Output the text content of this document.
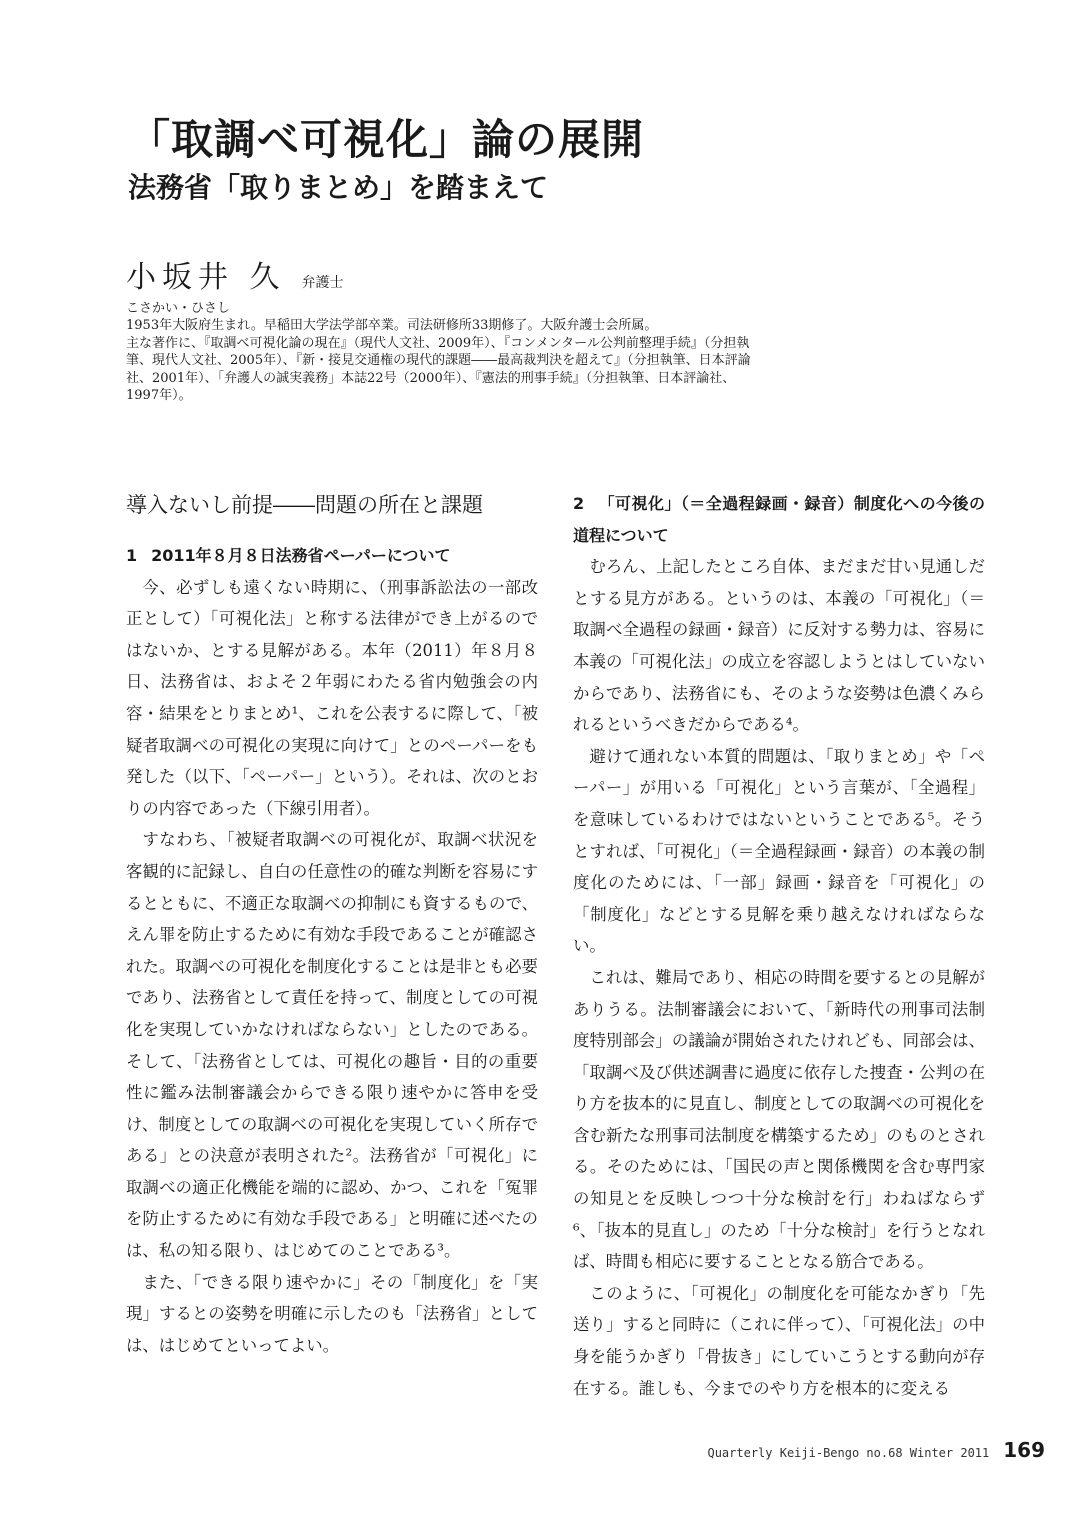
「取調べ可視化」論の展開
法務省「取りまとめ」を踏まえて
小坂井 久 弁護士

こさかい・ひさし

1953年大阪府生まれ。早稲田大学法学部卒業。司法研修所33期修了。大阪弁護士会所属。

主な著作に、『取調べ可視化論の現在』（現代人文社、2009年）、『コンメンタール公判前整理手続』（分担執筆、現代人文社、2005年）、『新・接見交通権の現代的課題――最高裁判決を超えて』（分担執筆、日本評論社、2001年）、「弁護人の誠実義務」本誌22号（2000年）、『憲法的刑事手続』（分担執筆、日本評論社、1997年）。

導入ないし前提――問題の所在と課題
1 2011年８月８日法務省ペーパーについて

今、必ずしも遠くない時期に、（刑事訴訟法の一部改正として）「可視化法」と称する法律ができ上がるのではないか、とする見解がある。本年（2011）年８月８日、法務省は、およそ２年弱にわたる省内勉強会の内容・結果をとりまとめ¹、これを公表するに際して、「被疑者取調べの可視化の実現に向けて」とのペーパーをも発した（以下、「ペーパー」という）。それは、次のとおりの内容であった（下線引用者）。

すなわち、「被疑者取調べの可視化が、取調べ状況を客観的に記録し、自白の任意性の的確な判断を容易にするとともに、不適正な取調べの抑制にも資するもので、えん罪を防止するために有効な手段であることが確認された。取調べの可視化を制度化することは是非とも必要であり、法務省として責任を持って、制度としての可視化を実現していかなければならない」としたのである。そして、「法務省としては、可視化の趣旨・目的の重要性に鑑み法制審議会からできる限り速やかに答申を受け、制度としての取調べの可視化を実現していく所存である」との決意が表明された²。法務省が「可視化」に取調べの適正化機能を端的に認め、かつ、これを「冤罪を防止するために有効な手段である」と明確に述べたのは、私の知る限り、はじめてのことである³。

また、「できる限り速やかに」その「制度化」を「実現」するとの姿勢を明確に示したのも「法務省」としては、はじめてといってよい。

2 「可視化」（＝全過程録画・録音）制度化への今後の道程について

むろん、上記したところ自体、まだまだ甘い見通しだとする見方がある。というのは、本義の「可視化」（＝取調べ全過程の録画・録音）に反対する勢力は、容易に本義の「可視化法」の成立を容認しようとはしていないからであり、法務省にも、そのような姿勢は色濃くみられるというべきだからである⁴。

避けて通れない本質的問題は、「取りまとめ」や「ペーパー」が用いる「可視化」という言葉が、「全過程」を意味しているわけではないということである⁵。そうとすれば、「可視化」（＝全過程録画・録音）の本義の制度化のためには、「一部」録画・録音を「可視化」の「制度化」などとする見解を乗り越えなければならない。

これは、難局であり、相応の時間を要するとの見解がありうる。法制審議会において、「新時代の刑事司法制度特別部会」の議論が開始されたけれども、同部会は、「取調べ及び供述調書に過度に依存した捜査・公判の在り方を抜本的に見直し、制度としての取調べの可視化を含む新たな刑事司法制度を構築するため」のものとされる。そのためには、「国民の声と関係機関を含む専門家の知見とを反映しつつ十分な検討を行」わねばならず⁶、「抜本的見直し」のため「十分な検討」を行うとなれば、時間も相応に要することとなる筋合である。

このように、「可視化」の制度化を可能なかぎり「先送り」すると同時に（これに伴って）、「可視化法」の中身を能うかぎり「骨抜き」にしていこうとする動向が存在する。誰しも、今までのやり方を根本的に変える

Quarterly Keiji-Bengo no.68 Winter 2011 169
